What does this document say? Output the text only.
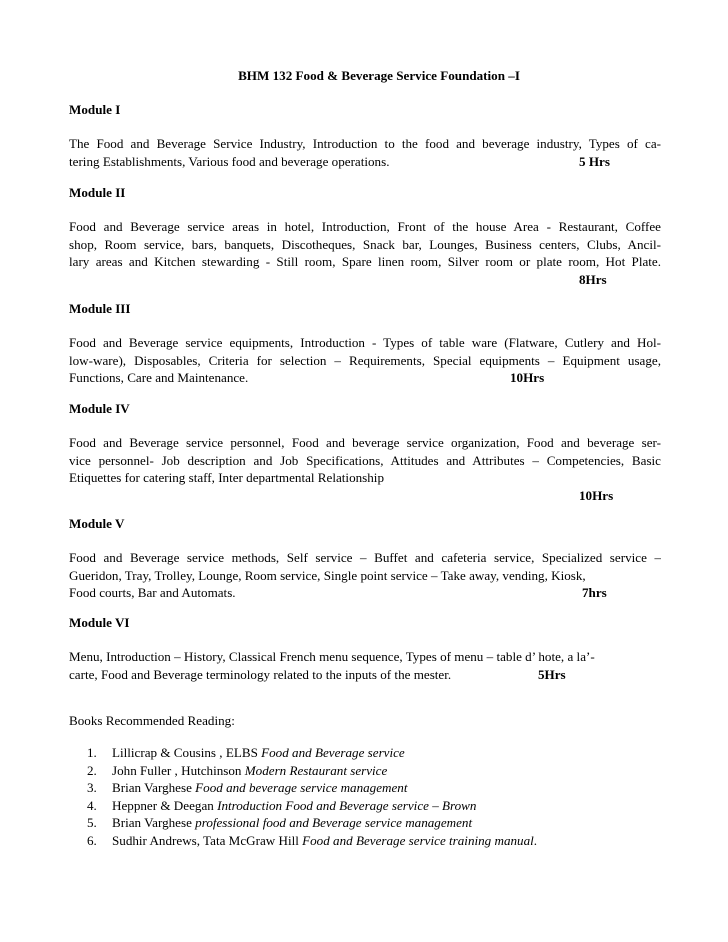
BHM 132 Food & Beverage Service Foundation –I
Module I
The Food and Beverage Service Industry, Introduction to the food and beverage industry, Types of ca-
tering Establishments, Various food and beverage operations.	5 Hrs
Module II
Food and Beverage service areas in hotel, Introduction, Front of the house Area - Restaurant, Coffee
shop, Room service, bars, banquets, Discotheques, Snack bar, Lounges, Business centers, Clubs, Ancil-
lary areas and Kitchen stewarding - Still room, Spare linen room, Silver room or plate room, Hot Plate.
8Hrs
Module III
Food and Beverage service equipments, Introduction - Types of table ware (Flatware, Cutlery and Hol-
low-ware), Disposables, Criteria for selection – Requirements, Special equipments – Equipment usage,
Functions, Care and Maintenance.	10Hrs
Module IV
Food and Beverage service personnel, Food and beverage service organization, Food and beverage ser-
vice personnel- Job description and Job Specifications, Attitudes and Attributes – Competencies, Basic
Etiquettes for catering staff, Inter departmental Relationship
10Hrs
Module V
Food and Beverage service methods, Self service – Buffet and cafeteria service, Specialized service –
Gueridon, Tray, Trolley, Lounge, Room service, Single point service – Take away, vending, Kiosk,
Food courts, Bar and Automats.	7hrs
Module VI
Menu, Introduction – History, Classical French menu sequence, Types of menu – table d’ hote, a la’-
carte, Food and Beverage terminology related to the inputs of the mester.	5Hrs
Books Recommended Reading:
1. Lillicrap & Cousins , ELBS Food and Beverage service
2. John Fuller , Hutchinson Modern Restaurant service
3. Brian Varghese Food and beverage service management
4. Heppner & Deegan Introduction Food and Beverage service – Brown
5. Brian Varghese professional food and Beverage service management
6. Sudhir Andrews, Tata McGraw Hill Food and Beverage service training manual.
